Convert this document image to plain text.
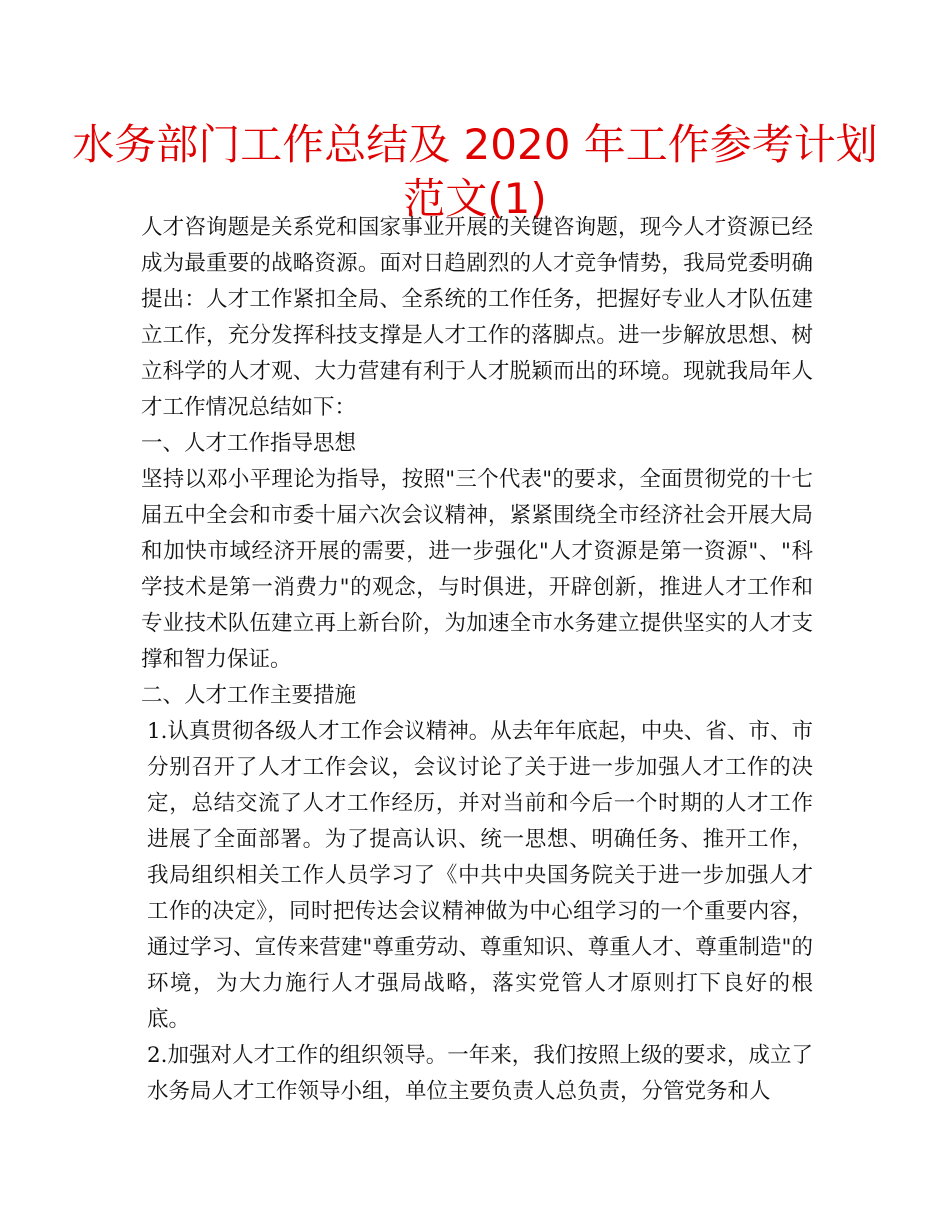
水务部门工作总结及 2020 年工作参考计划
范文(1)

人才咨询题是关系党和国家事业开展的关键咨询题，现今人才资源已经成为最重要的战略资源。面对日趋剧烈的人才竞争情势，我局党委明确提出：人才工作紧扣全局、全系统的工作任务，把握好专业人才队伍建立工作，充分发挥科技支撑是人才工作的落脚点。进一步解放思想、树立科学的人才观、大力营建有利于人才脱颖而出的环境。现就我局年人才工作情况总结如下：

一、人才工作指导思想

坚持以邓小平理论为指导，按照"三个代表"的要求，全面贯彻党的十七届五中全会和市委十届六次会议精神，紧紧围绕全市经济社会开展大局和加快市域经济开展的需要，进一步强化"人才资源是第一资源"、"科学技术是第一消费力"的观念，与时俱进，开辟创新，推进人才工作和专业技术队伍建立再上新台阶，为加速全市水务建立提供坚实的人才支撑和智力保证。

二、人才工作主要措施

1.认真贯彻各级人才工作会议精神。从去年年底起，中央、省、市、市分别召开了人才工作会议，会议讨论了关于进一步加强人才工作的决定，总结交流了人才工作经历，并对当前和今后一个时期的人才工作进展了全面部署。为了提高认识、统一思想、明确任务、推开工作，我局组织相关工作人员学习了《中共中央国务院关于进一步加强人才工作的决定》，同时把传达会议精神做为中心组学习的一个重要内容，通过学习、宣传来营建"尊重劳动、尊重知识、尊重人才、尊重制造"的环境，为大力施行人才强局战略，落实党管人才原则打下良好的根底。

2.加强对人才工作的组织领导。一年来，我们按照上级的要求，成立了水务局人才工作领导小组，单位主要负责人总负责，分管党务和人
